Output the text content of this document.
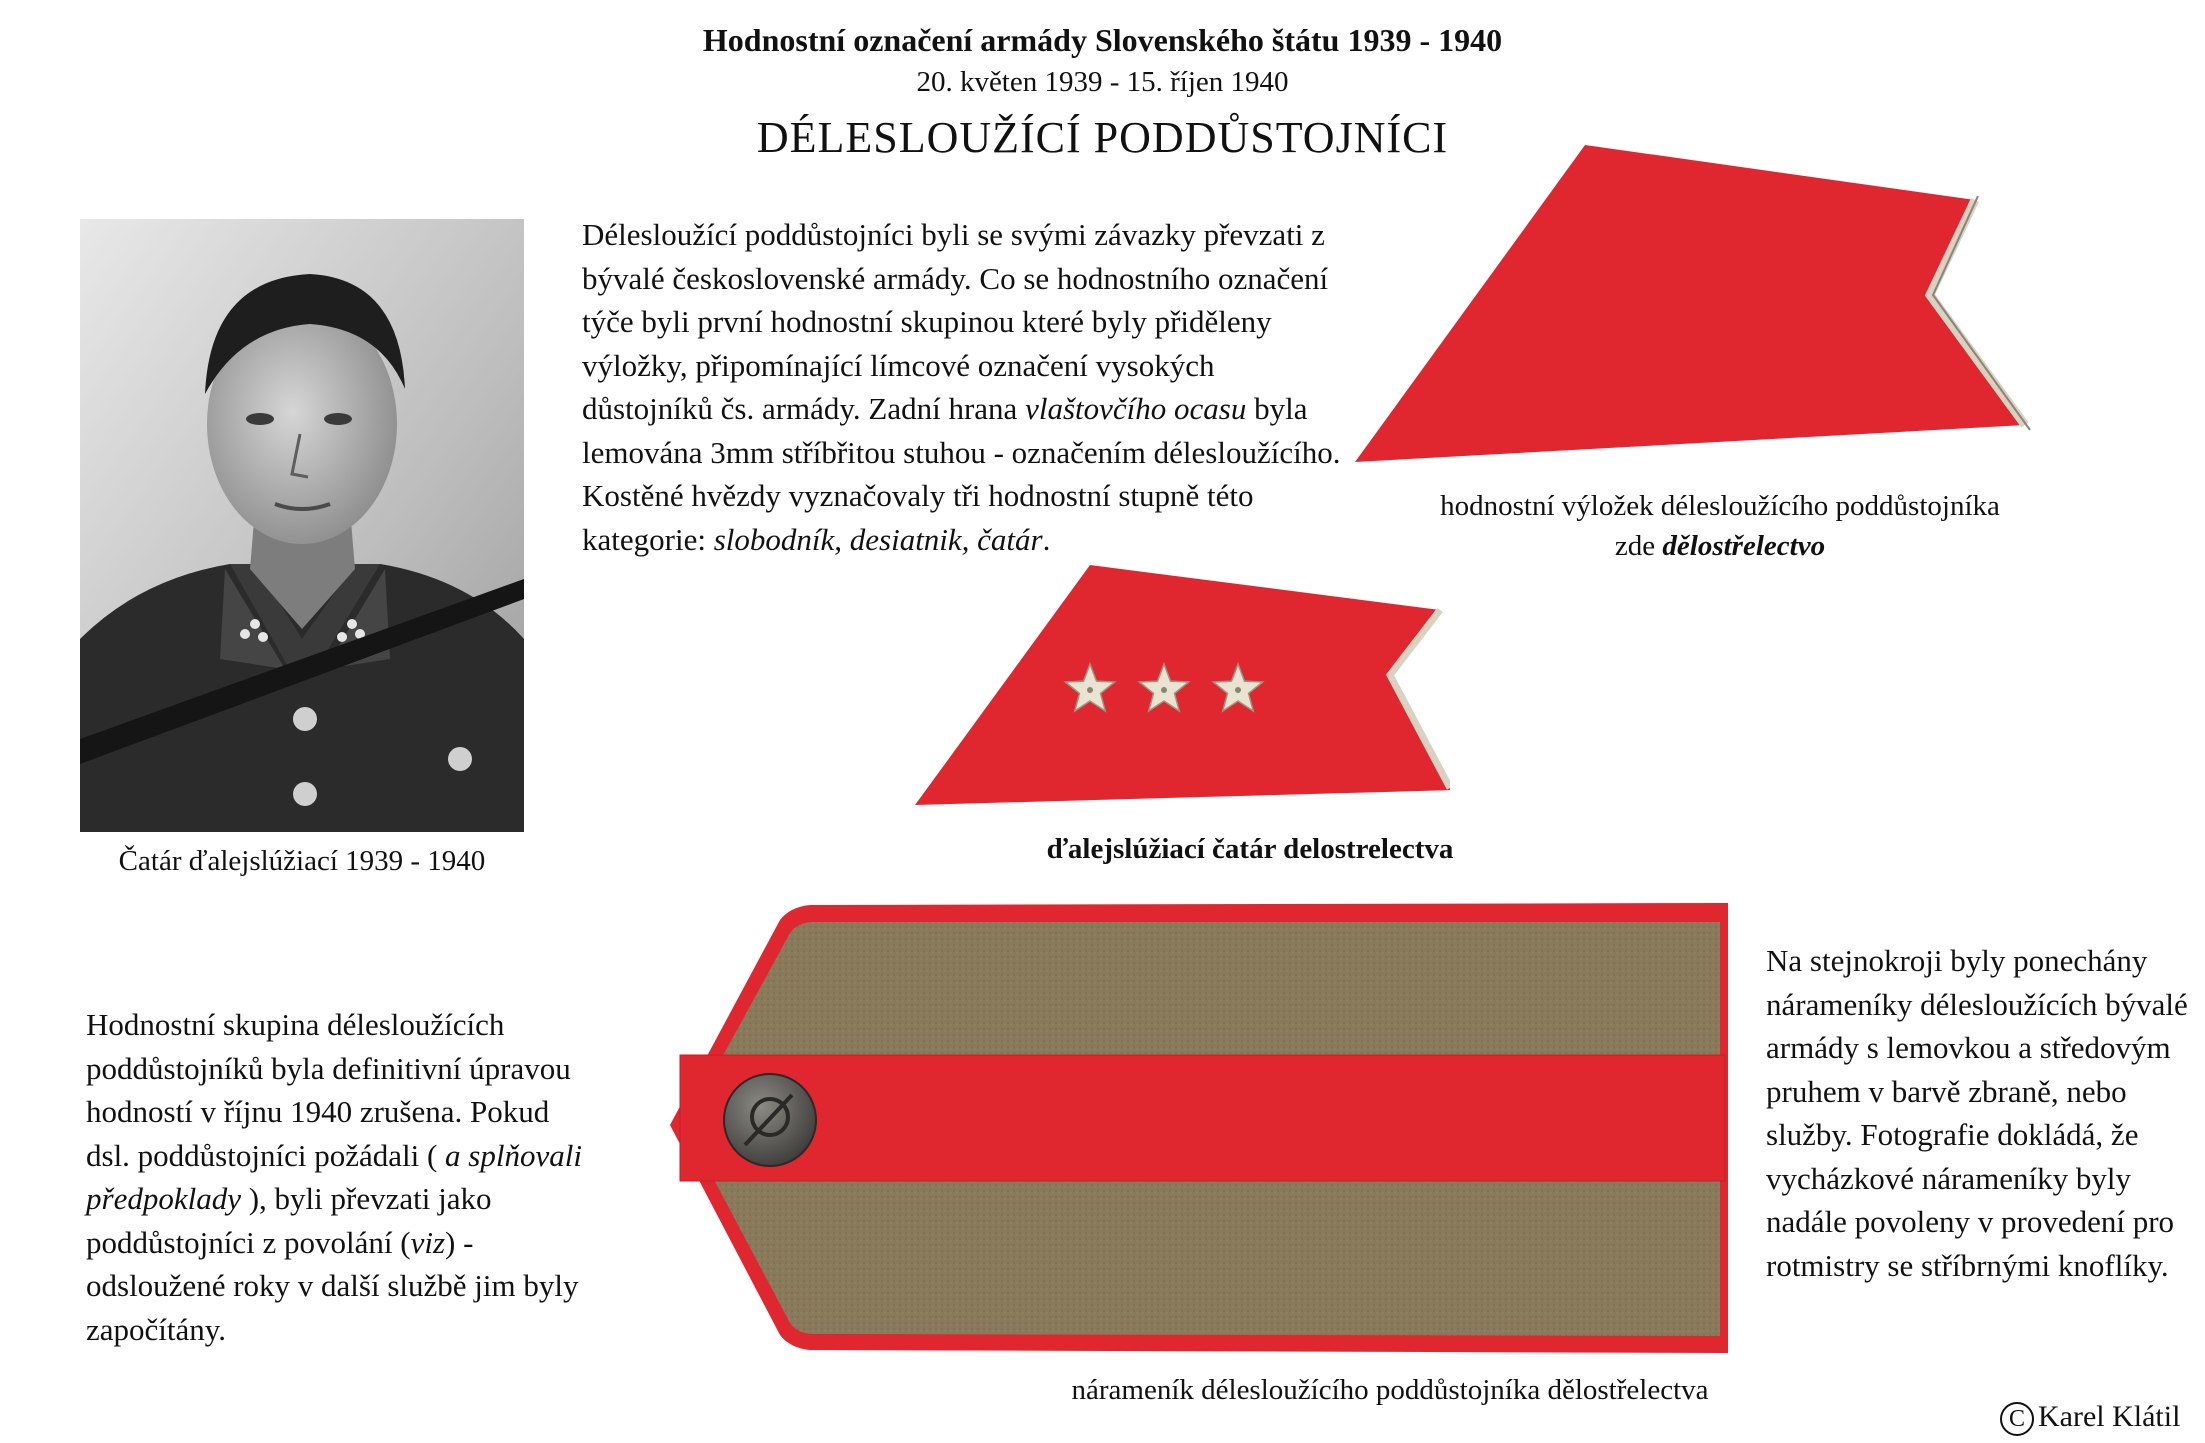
Hodnostní označení armády Slovenského štátu 1939 - 1940
20. květen 1939 - 15. říjen 1940
DÉLESLOUŽÍCÍ PODDŮSTOJNÍCI
Čatár ďalejslúžiací 1939 - 1940

Délesloužící poddůstojníci byli se svými závazky převzati z bývalé československé armády. Co se hodnostního označení týče byli první hodnostní skupinou které byly přiděleny výložky, připomínající límcové označení vysokých důstojníků čs. armády. Zadní hrana vlaštovčího ocasu byla lemována 3mm stříbřitou stuhou - označením délesloužícího. Kostěné hvězdy vyznačovaly tři hodnostní stupně této kategorie: slobodník, desiatnik, čatár.

hodnostní výložek délesloužícího poddůstojníka
zde dělostřelectvo
ďalejslúžiací čatár delostrelectva

Hodnostní skupina délesloužících poddůstojníků byla definitivní úpravou hodností v říjnu 1940 zrušena. Pokud dsl. poddůstojníci požádali ( a splňovali předpoklady ), byli převzati jako poddůstojníci z povolání (viz) - odsloužené roky v další službě jim byly započítány.

nárameník délesloužícího poddůstojníka dělostřelectva

Na stejnokroji byly ponechány nárameníky délesloužících bývalé armády s lemovkou a středovým pruhem v barvě zbraně, nebo služby. Fotografie dokládá, že vycházkové nárameníky byly nadále povoleny v provedení pro rotmistry se stříbrnými knoflíky.

C Karel Klátil
